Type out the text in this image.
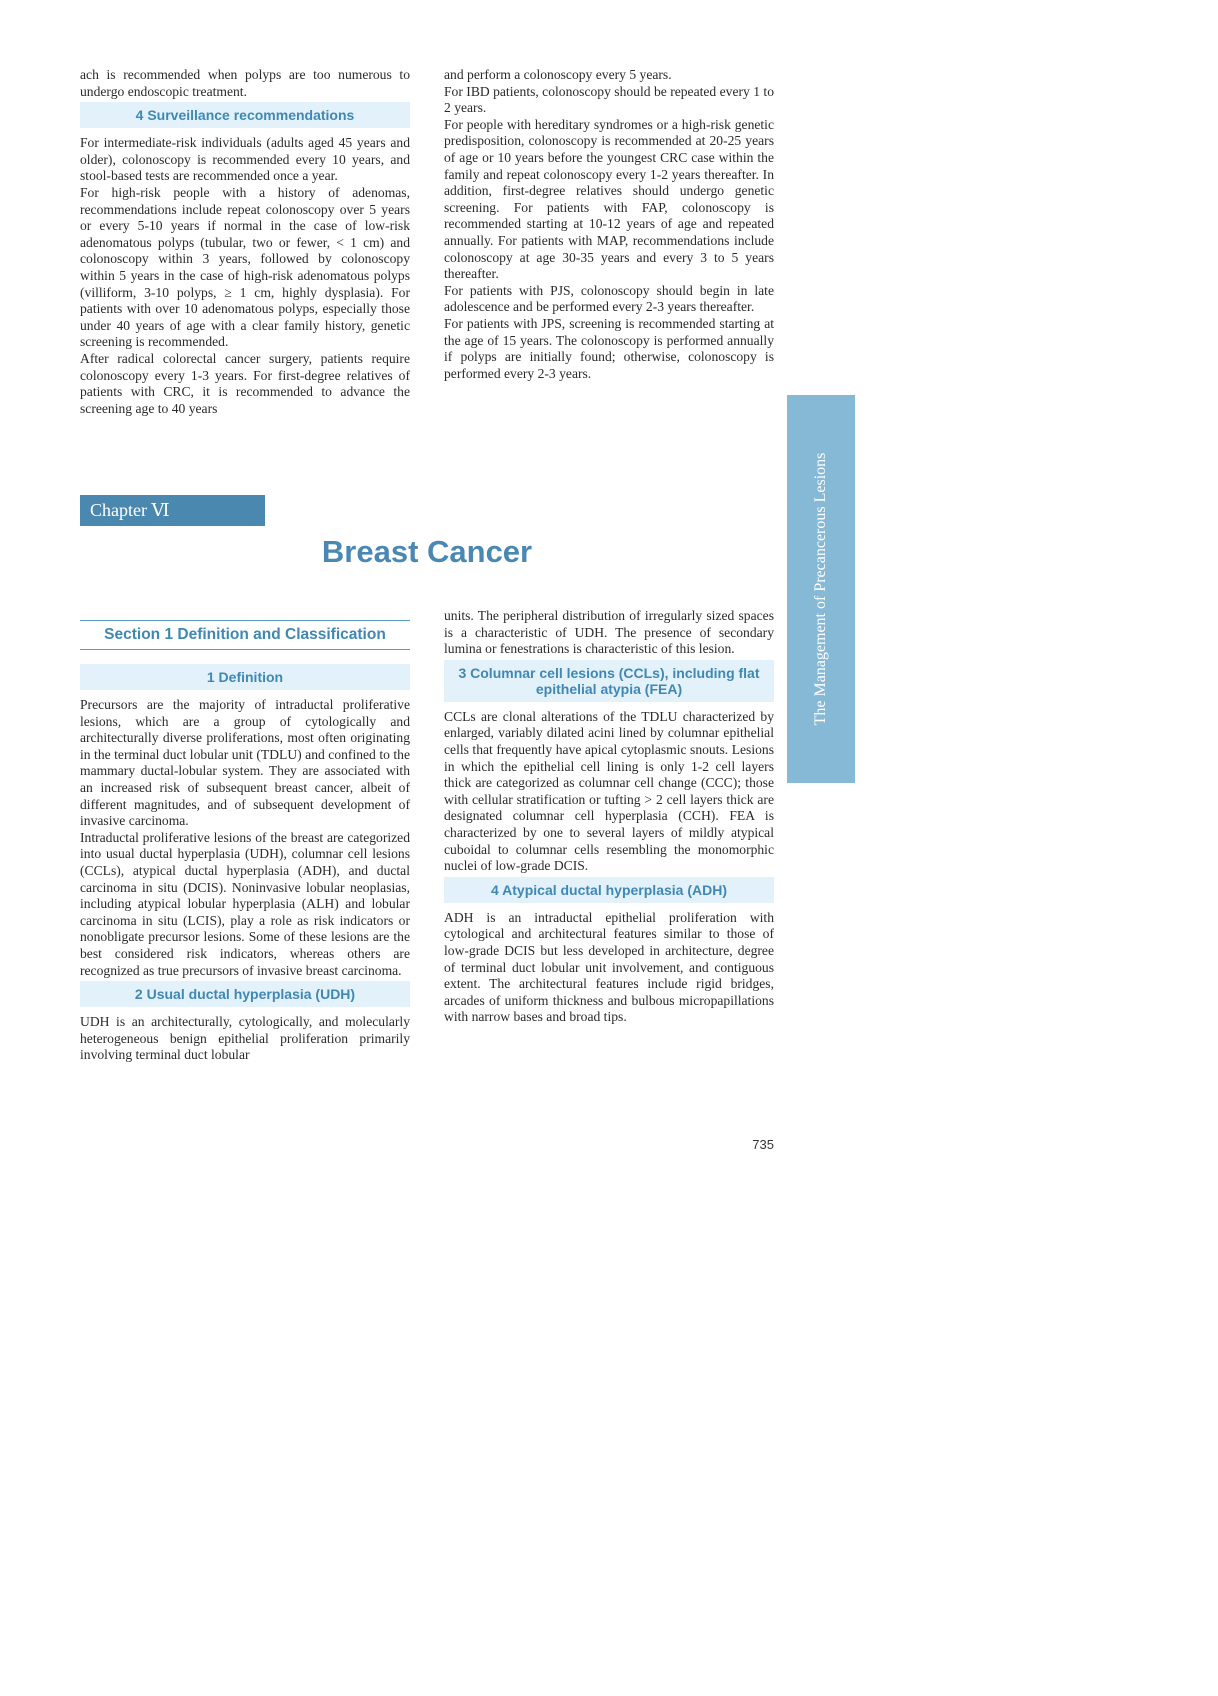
ach is recommended when polyps are too numerous to undergo endoscopic treatment.

4 Surveillance recommendations

For intermediate-risk individuals (adults aged 45 years and older), colonoscopy is recommended every 10 years, and stool-based tests are recommended once a year.

For high-risk people with a history of adenomas, recommendations include repeat colonoscopy over 5 years or every 5-10 years if normal in the case of low-risk adenomatous polyps (tubular, two or fewer, < 1 cm) and colonoscopy within 3 years, followed by colonoscopy within 5 years in the case of high-risk adenomatous polyps (villiform, 3-10 polyps, ≥ 1 cm, highly dysplasia). For patients with over 10 adenomatous polyps, especially those under 40 years of age with a clear family history, genetic screening is recommended.

After radical colorectal cancer surgery, patients require colonoscopy every 1-3 years. For first-degree relatives of patients with CRC, it is recommended to advance the screening age to 40 years

and perform a colonoscopy every 5 years.

For IBD patients, colonoscopy should be repeated every 1 to 2 years.

For people with hereditary syndromes or a high-risk genetic predisposition, colonoscopy is recommended at 20-25 years of age or 10 years before the youngest CRC case within the family and repeat colonoscopy every 1-2 years thereafter. In addition, first-degree relatives should undergo genetic screening. For patients with FAP, colonoscopy is recommended starting at 10-12 years of age and repeated annually. For patients with MAP, recommendations include colonoscopy at age 30-35 years and every 3 to 5 years thereafter.

For patients with PJS, colonoscopy should begin in late adolescence and be performed every 2-3 years thereafter.

For patients with JPS, screening is recommended starting at the age of 15 years. The colonoscopy is performed annually if polyps are initially found; otherwise, colonoscopy is performed every 2-3 years.

The Management of Precancerous Lesions
Chapter Ⅵ
Breast Cancer
Section 1 Definition and Classification
1 Definition

Precursors are the majority of intraductal proliferative lesions, which are a group of cytologically and architecturally diverse proliferations, most often originating in the terminal duct lobular unit (TDLU) and confined to the mammary ductal-lobular system. They are associated with an increased risk of subsequent breast cancer, albeit of different magnitudes, and of subsequent development of invasive carcinoma.

Intraductal proliferative lesions of the breast are categorized into usual ductal hyperplasia (UDH), columnar cell lesions (CCLs), atypical ductal hyperplasia (ADH), and ductal carcinoma in situ (DCIS). Noninvasive lobular neoplasias, including atypical lobular hyperplasia (ALH) and lobular carcinoma in situ (LCIS), play a role as risk indicators or nonobligate precursor lesions. Some of these lesions are the best considered risk indicators, whereas others are recognized as true precursors of invasive breast carcinoma.

2 Usual ductal hyperplasia (UDH)

UDH is an architecturally, cytologically, and molecularly heterogeneous benign epithelial proliferation primarily involving terminal duct lobular

units. The peripheral distribution of irregularly sized spaces is a characteristic of UDH. The presence of secondary lumina or fenestrations is characteristic of this lesion.

3 Columnar cell lesions (CCLs), including flat epithelial atypia (FEA)

CCLs are clonal alterations of the TDLU characterized by enlarged, variably dilated acini lined by columnar epithelial cells that frequently have apical cytoplasmic snouts. Lesions in which the epithelial cell lining is only 1-2 cell layers thick are categorized as columnar cell change (CCC); those with cellular stratification or tufting > 2 cell layers thick are designated columnar cell hyperplasia (CCH). FEA is characterized by one to several layers of mildly atypical cuboidal to columnar cells resembling the monomorphic nuclei of low-grade DCIS.

4 Atypical ductal hyperplasia (ADH)

ADH is an intraductal epithelial proliferation with cytological and architectural features similar to those of low-grade DCIS but less developed in architecture, degree of terminal duct lobular unit involvement, and contiguous extent. The architectural features include rigid bridges, arcades of uniform thickness and bulbous micropapillations with narrow bases and broad tips.

735
